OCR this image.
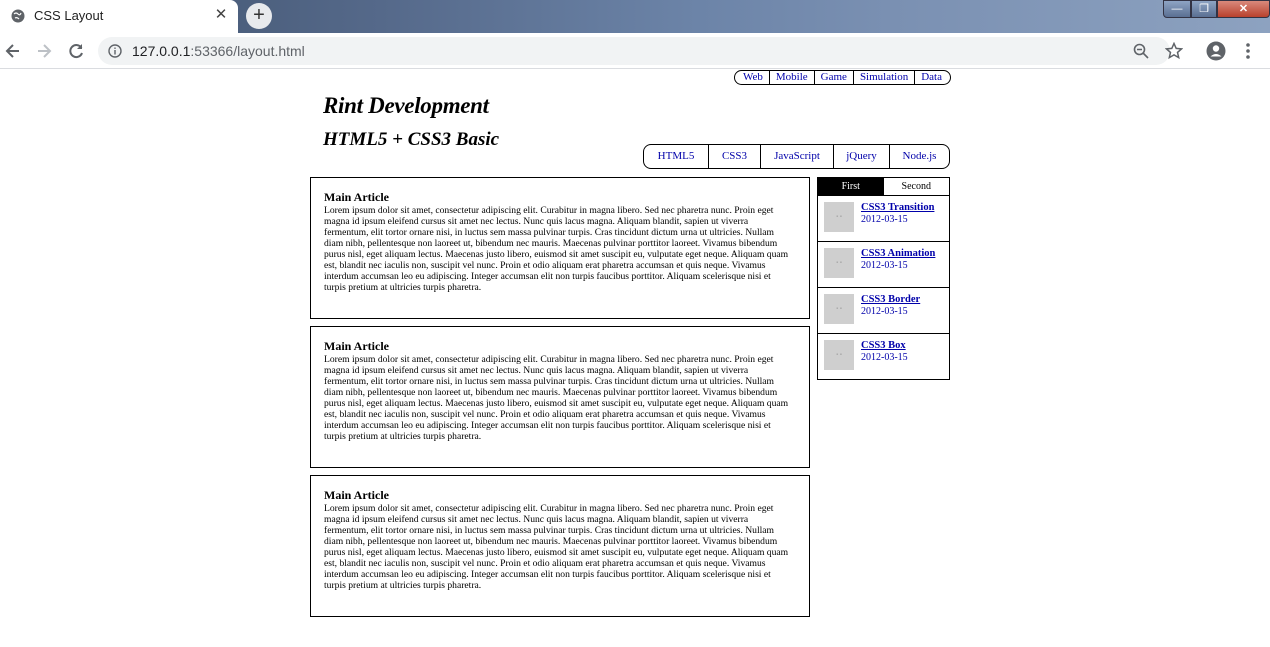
CSS Layout	✕	+	—	❐	✕
127.0.0.1:53366/layout.html
Web	Mobile	Game	Simulation	Data
Rint Development
HTML5 + CSS3 Basic
HTML5	CSS3	JavaScript	jQuery	Node.js
Main Article

Lorem ipsum dolor sit amet, consectetur adipiscing elit. Curabitur in magna libero. Sed nec pharetra nunc. Proin eget magna id ipsum eleifend cursus sit amet nec lectus. Nunc quis lacus magna. Aliquam blandit, sapien ut viverra fermentum, elit tortor ornare nisi, in luctus sem massa pulvinar turpis. Cras tincidunt dictum urna ut ultricies. Nullam diam nibh, pellentesque non laoreet ut, bibendum nec mauris. Maecenas pulvinar porttitor laoreet. Vivamus bibendum purus nisl, eget aliquam lectus. Maecenas justo libero, euismod sit amet suscipit eu, vulputate eget neque. Aliquam quam est, blandit nec iaculis non, suscipit vel nunc. Proin et odio aliquam erat pharetra accumsan et quis neque. Vivamus interdum accumsan leo eu adipiscing. Integer accumsan elit non turpis faucibus porttitor. Aliquam scelerisque nisi et turpis pretium at ultricies turpis pharetra.

Main Article

Lorem ipsum dolor sit amet, consectetur adipiscing elit. Curabitur in magna libero. Sed nec pharetra nunc. Proin eget magna id ipsum eleifend cursus sit amet nec lectus. Nunc quis lacus magna. Aliquam blandit, sapien ut viverra fermentum, elit tortor ornare nisi, in luctus sem massa pulvinar turpis. Cras tincidunt dictum urna ut ultricies. Nullam diam nibh, pellentesque non laoreet ut, bibendum nec mauris. Maecenas pulvinar porttitor laoreet. Vivamus bibendum purus nisl, eget aliquam lectus. Maecenas justo libero, euismod sit amet suscipit eu, vulputate eget neque. Aliquam quam est, blandit nec iaculis non, suscipit vel nunc. Proin et odio aliquam erat pharetra accumsan et quis neque. Vivamus interdum accumsan leo eu adipiscing. Integer accumsan elit non turpis faucibus porttitor. Aliquam scelerisque nisi et turpis pretium at ultricies turpis pharetra.

Main Article

Lorem ipsum dolor sit amet, consectetur adipiscing elit. Curabitur in magna libero. Sed nec pharetra nunc. Proin eget magna id ipsum eleifend cursus sit amet nec lectus. Nunc quis lacus magna. Aliquam blandit, sapien ut viverra fermentum, elit tortor ornare nisi, in luctus sem massa pulvinar turpis. Cras tincidunt dictum urna ut ultricies. Nullam diam nibh, pellentesque non laoreet ut, bibendum nec mauris. Maecenas pulvinar porttitor laoreet. Vivamus bibendum purus nisl, eget aliquam lectus. Maecenas justo libero, euismod sit amet suscipit eu, vulputate eget neque. Aliquam quam est, blandit nec iaculis non, suscipit vel nunc. Proin et odio aliquam erat pharetra accumsan et quis neque. Vivamus interdum accumsan leo eu adipiscing. Integer accumsan elit non turpis faucibus porttitor. Aliquam scelerisque nisi et turpis pretium at ultricies turpis pharetra.

First	Second
▪ ▪
CSS3 Transition
2012-03-15
▪ ▪
CSS3 Animation
2012-03-15
▪ ▪
CSS3 Border
2012-03-15
▪ ▪
CSS3 Box
2012-03-15
